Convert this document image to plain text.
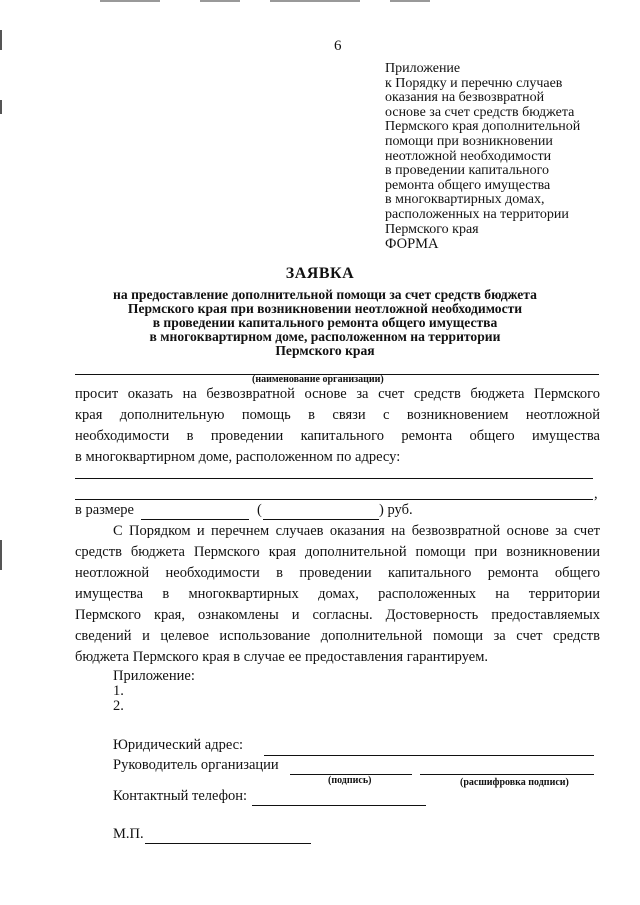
6
Приложение
к Порядку и перечню случаев
оказания на безвозвратной
основе за счет средств бюджета
Пермского края дополнительной
помощи при возникновении
неотложной необходимости
в проведении капитального
ремонта общего имущества
в многоквартирных домах,
расположенных на территории
Пермского края
ФОРМА
ЗАЯВКА
на предоставление дополнительной помощи за счет средств бюджета
Пермского края при возникновении неотложной необходимости
в проведении капитального ремонта общего имущества
в многоквартирном доме, расположенном на территории
Пермского края
(наименование организации)
просит оказать на безвозвратной основе за счет средств бюджета Пермского
края дополнительную помощь в связи с возникновением неотложной
необходимости в проведении капитального ремонта общего имущества
в многоквартирном доме, расположенном по адресу:
,
в размере	(	) руб.
С Порядком и перечнем случаев оказания на безвозвратной основе за счет
средств бюджета Пермского края дополнительной помощи при возникновении
неотложной необходимости в проведении капитального ремонта общего
имущества в многоквартирных домах, расположенных на территории
Пермского края, ознакомлены и согласны. Достоверность предоставляемых
сведений и целевое использование дополнительной помощи за счет средств
бюджета Пермского края в случае ее предоставления гарантируем.
Приложение:
1.
2.
Юридический адрес:
Руководитель организации
(подпись)	(расшифровка подписи)
Контактный телефон:
М.П.
